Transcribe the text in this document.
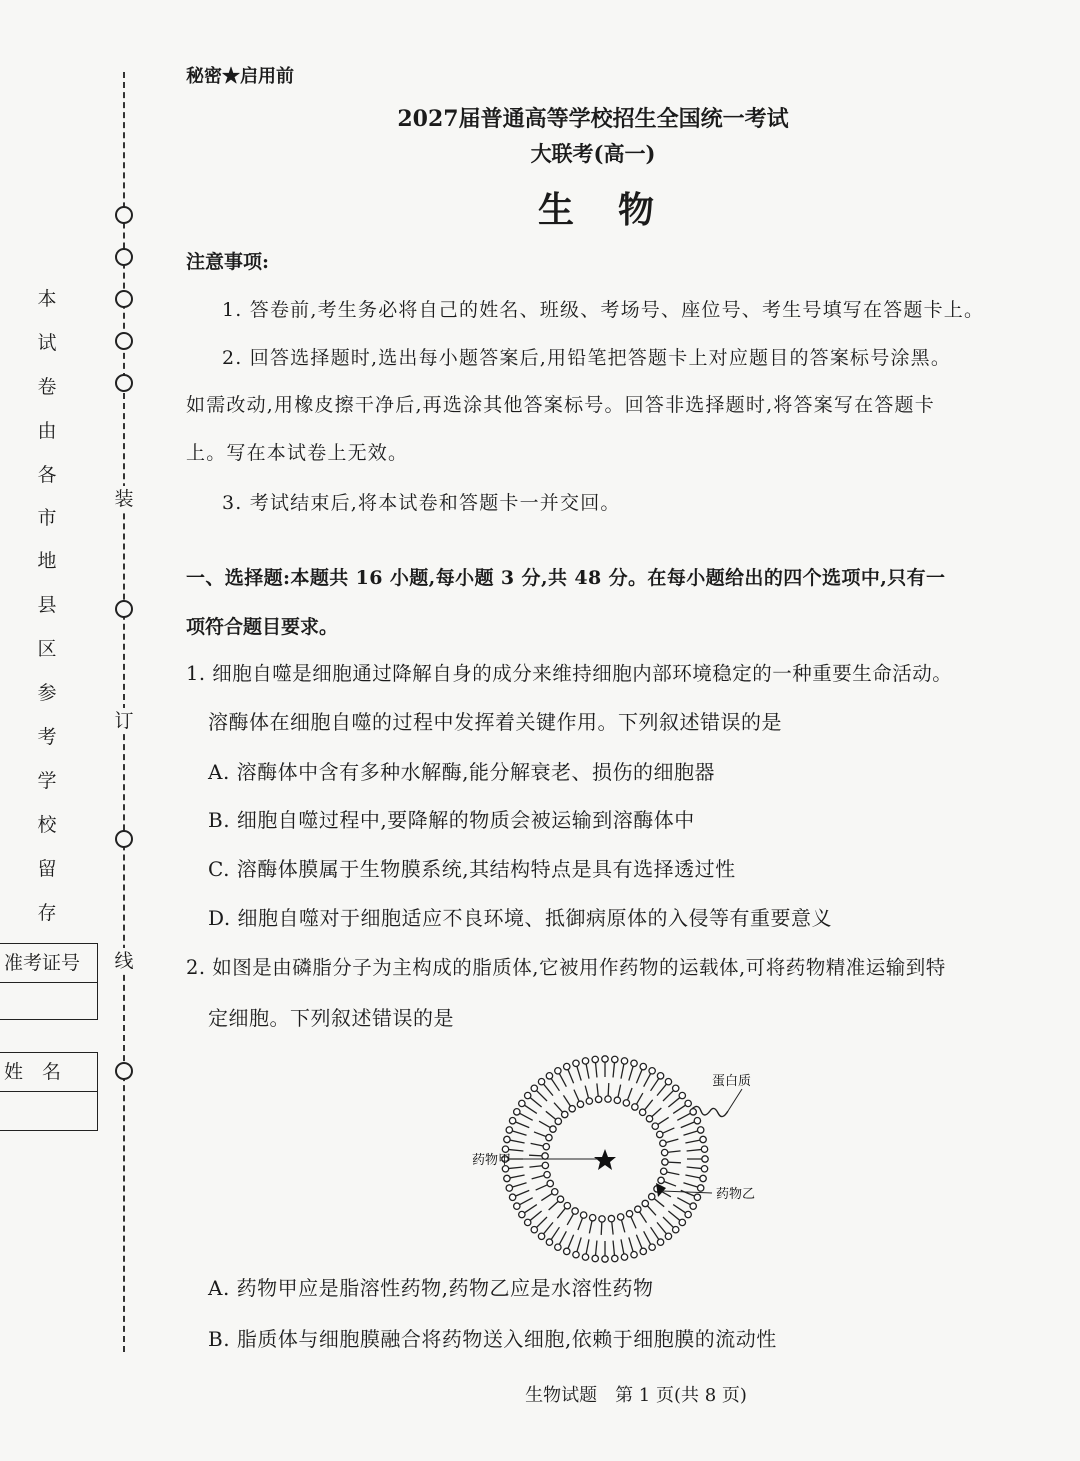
装
订
线
本
试
卷
由
各
市
地
县
区
参
考
学
校
留
存
准考证号
姓　名
秘密★启用前
2027届普通高等学校招生全国统一考试
大联考(高一)
生　物
注意事项:
1. 答卷前,考生务必将自己的姓名、班级、考场号、座位号、考生号填写在答题卡上。
2. 回答选择题时,选出每小题答案后,用铅笔把答题卡上对应题目的答案标号涂黑。
如需改动,用橡皮擦干净后,再选涂其他答案标号。回答非选择题时,将答案写在答题卡
上。写在本试卷上无效。
3. 考试结束后,将本试卷和答题卡一并交回。
一、选择题:本题共 16 小题,每小题 3 分,共 48 分。在每小题给出的四个选项中,只有一
项符合题目要求。
1. 细胞自噬是细胞通过降解自身的成分来维持细胞内部环境稳定的一种重要生命活动。
溶酶体在细胞自噬的过程中发挥着关键作用。下列叙述错误的是
A. 溶酶体中含有多种水解酶,能分解衰老、损伤的细胞器
B. 细胞自噬过程中,要降解的物质会被运输到溶酶体中
C. 溶酶体膜属于生物膜系统,其结构特点是具有选择透过性
D. 细胞自噬对于细胞适应不良环境、抵御病原体的入侵等有重要意义
2. 如图是由磷脂分子为主构成的脂质体,它被用作药物的运载体,可将药物精准运输到特
定细胞。下列叙述错误的是
蛋白质
药物甲
药物乙
A. 药物甲应是脂溶性药物,药物乙应是水溶性药物
B. 脂质体与细胞膜融合将药物送入细胞,依赖于细胞膜的流动性
生物试题　第 1 页(共 8 页)
